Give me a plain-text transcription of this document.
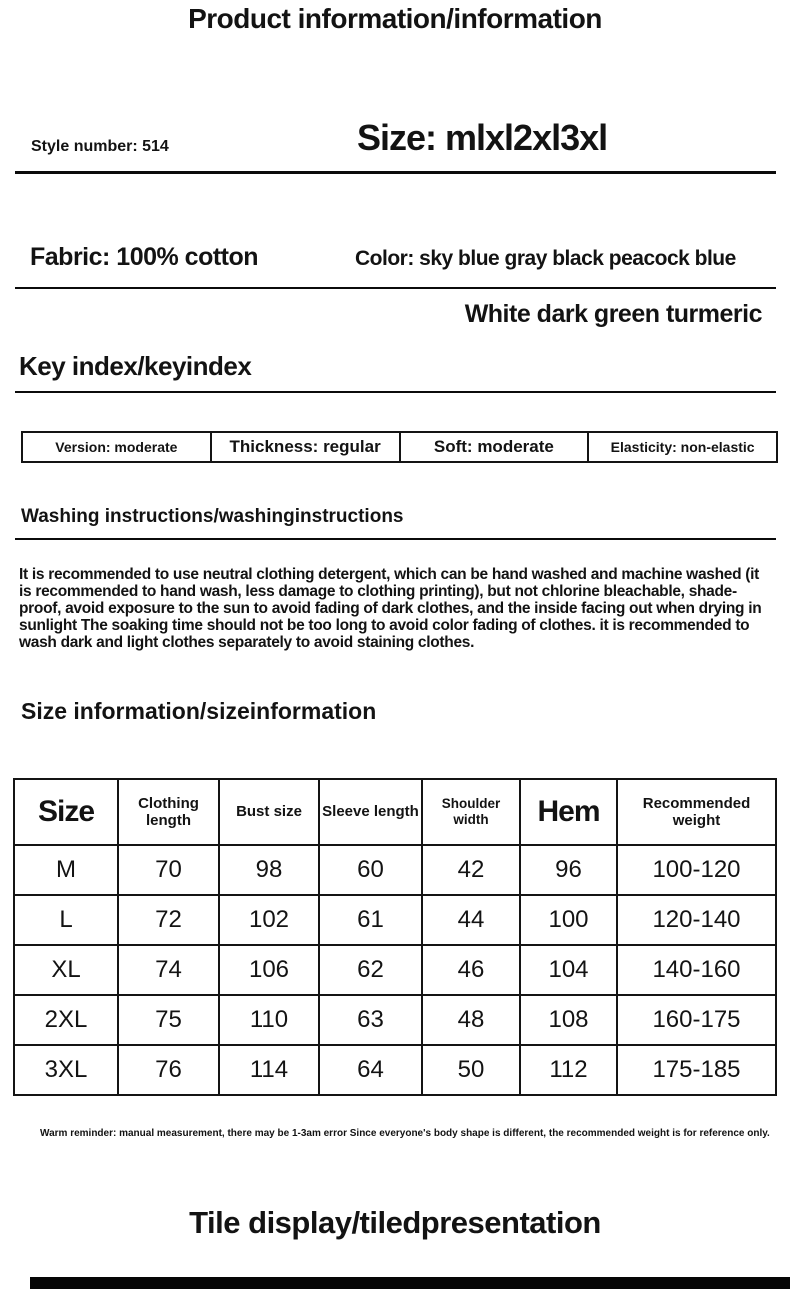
Product information/information
Style number: 514	Size: mlxl2xl3xl
Fabric: 100% cotton	Color: sky blue gray black peacock blue
White dark green turmeric
Key index/keyindex
Version: moderate	Thickness: regular	Soft: moderate	Elasticity: non-elastic
Washing instructions/washinginstructions
It is recommended to use neutral clothing detergent, which can be hand washed and machine washed (it is recommended to hand wash, less damage to clothing printing), but not chlorine bleachable, shade-proof, avoid exposure to the sun to avoid fading of dark clothes, and the inside facing out when drying in sunlight The soaking time should not be too long to avoid color fading of clothes. it is recommended to wash dark and light clothes separately to avoid staining clothes.
Size information/sizeinformation
Size	Clothing length	Bust size	Sleeve length	Shoulder width	Hem	Recommended weight
M	70	98	60	42	96	100-120
L	72	102	61	44	100	120-140
XL	74	106	62	46	104	140-160
2XL	75	110	63	48	108	160-175
3XL	76	114	64	50	112	175-185
Warm reminder: manual measurement, there may be 1-3am error Since everyone's body shape is different, the recommended weight is for reference only.
Tile display/tiledpresentation
